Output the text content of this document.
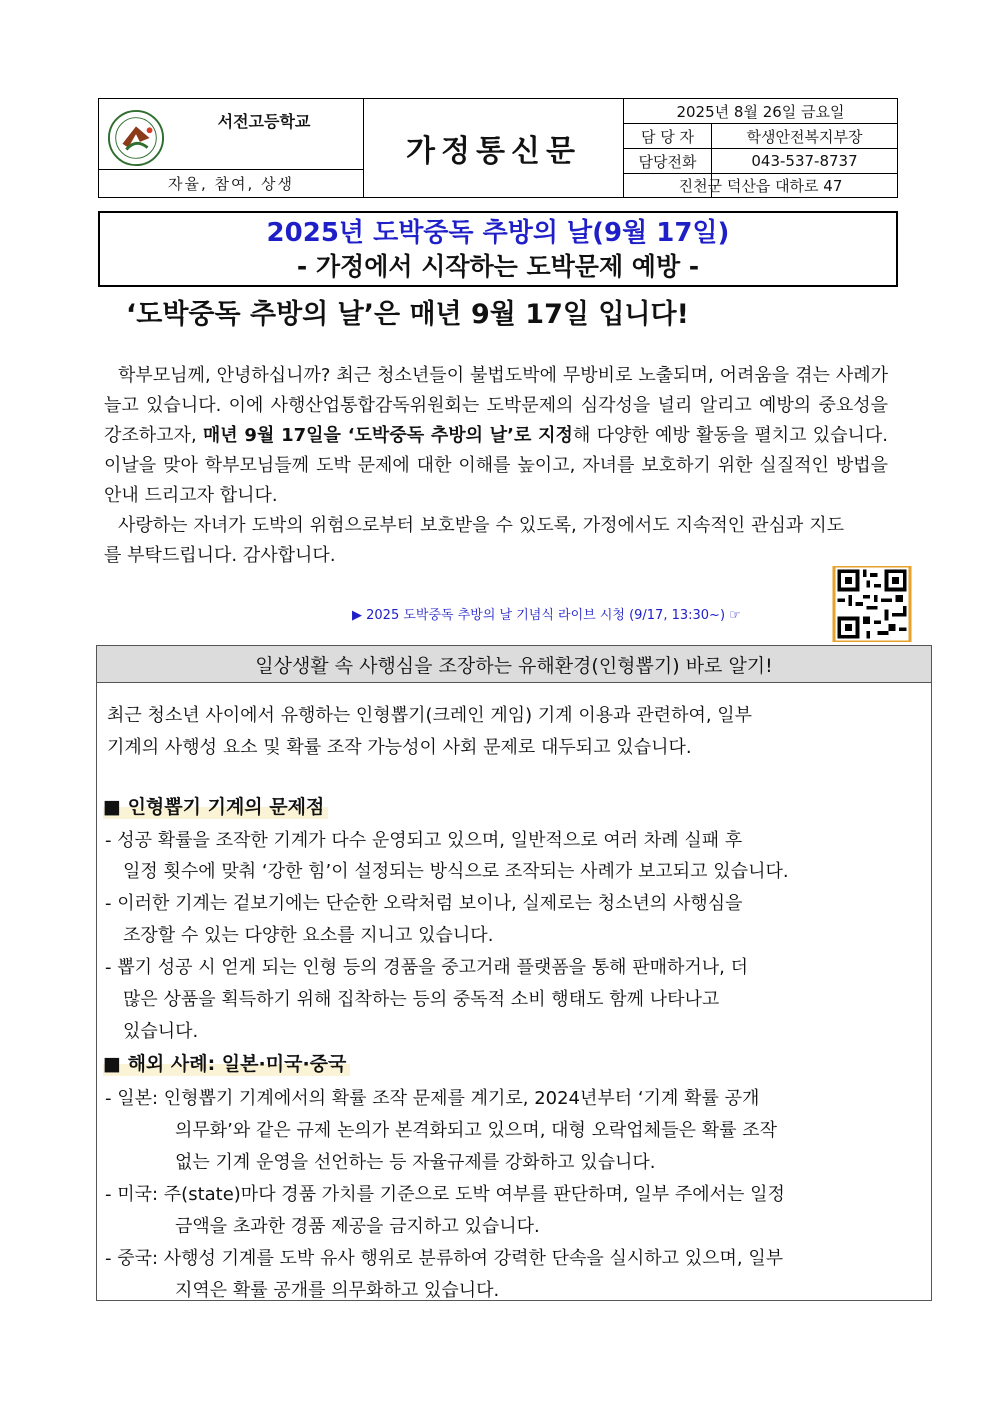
서전고등학교
자율, 참여, 상생
가정통신문
2025년 8월 26일 금요일
담 당 자	학생안전복지부장
담당전화	043-537-8737
진천군 덕산읍 대하로 47
2025년 도박중독 추방의 날(9월 17일)
- 가정에서 시작하는 도박문제 예방 -
‘도박중독 추방의 날’은 매년 9월 17일 입니다!

학부모님께, 안녕하십니까? 최근 청소년들이 불법도박에 무방비로 노출되며, 어려움을 겪는 사례가 늘고 있습니다. 이에 사행산업통합감독위원회는 도박문제의 심각성을 널리 알리고 예방의 중요성을 강조하고자, 매년 9월 17일을 ‘도박중독 추방의 날’로 지정해 다양한 예방 활동을 펼치고 있습니다. 이날을 맞아 학부모님들께 도박 문제에 대한 이해를 높이고, 자녀를 보호하기 위한 실질적인 방법을 안내 드리고자 합니다.

사랑하는 자녀가 도박의 위험으로부터 보호받을 수 있도록, 가정에서도 지속적인 관심과 지도를 부탁드립니다. 감사합니다.

▶ 2025 도박중독 추방의 날 기념식 라이브 시청 (9/17, 13:30~) ☞
일상생활 속 사행심을 조장하는 유해환경(인형뽑기) 바로 알기!
최근 청소년 사이에서 유행하는 인형뽑기(크레인 게임) 기계 이용과 관련하여, 일부
기계의 사행성 요소 및 확률 조작 가능성이 사회 문제로 대두되고 있습니다.
■ 인형뽑기 기계의 문제점
- 성공 확률을 조작한 기계가 다수 운영되고 있으며, 일반적으로 여러 차례 실패 후
일정 횟수에 맞춰 ‘강한 힘’이 설정되는 방식으로 조작되는 사례가 보고되고 있습니다.
- 이러한 기계는 겉보기에는 단순한 오락처럼 보이나, 실제로는 청소년의 사행심을
조장할 수 있는 다양한 요소를 지니고 있습니다.
- 뽑기 성공 시 얻게 되는 인형 등의 경품을 중고거래 플랫폼을 통해 판매하거나, 더
많은 상품을 획득하기 위해 집착하는 등의 중독적 소비 행태도 함께 나타나고
있습니다.
■ 해외 사례: 일본·미국·중국
- 일본: 인형뽑기 기계에서의 확률 조작 문제를 계기로, 2024년부터 ‘기계 확률 공개
의무화’와 같은 규제 논의가 본격화되고 있으며, 대형 오락업체들은 확률 조작
없는 기계 운영을 선언하는 등 자율규제를 강화하고 있습니다.
- 미국: 주(state)마다 경품 가치를 기준으로 도박 여부를 판단하며, 일부 주에서는 일정
금액을 초과한 경품 제공을 금지하고 있습니다.
- 중국: 사행성 기계를 도박 유사 행위로 분류하여 강력한 단속을 실시하고 있으며, 일부
지역은 확률 공개를 의무화하고 있습니다.
